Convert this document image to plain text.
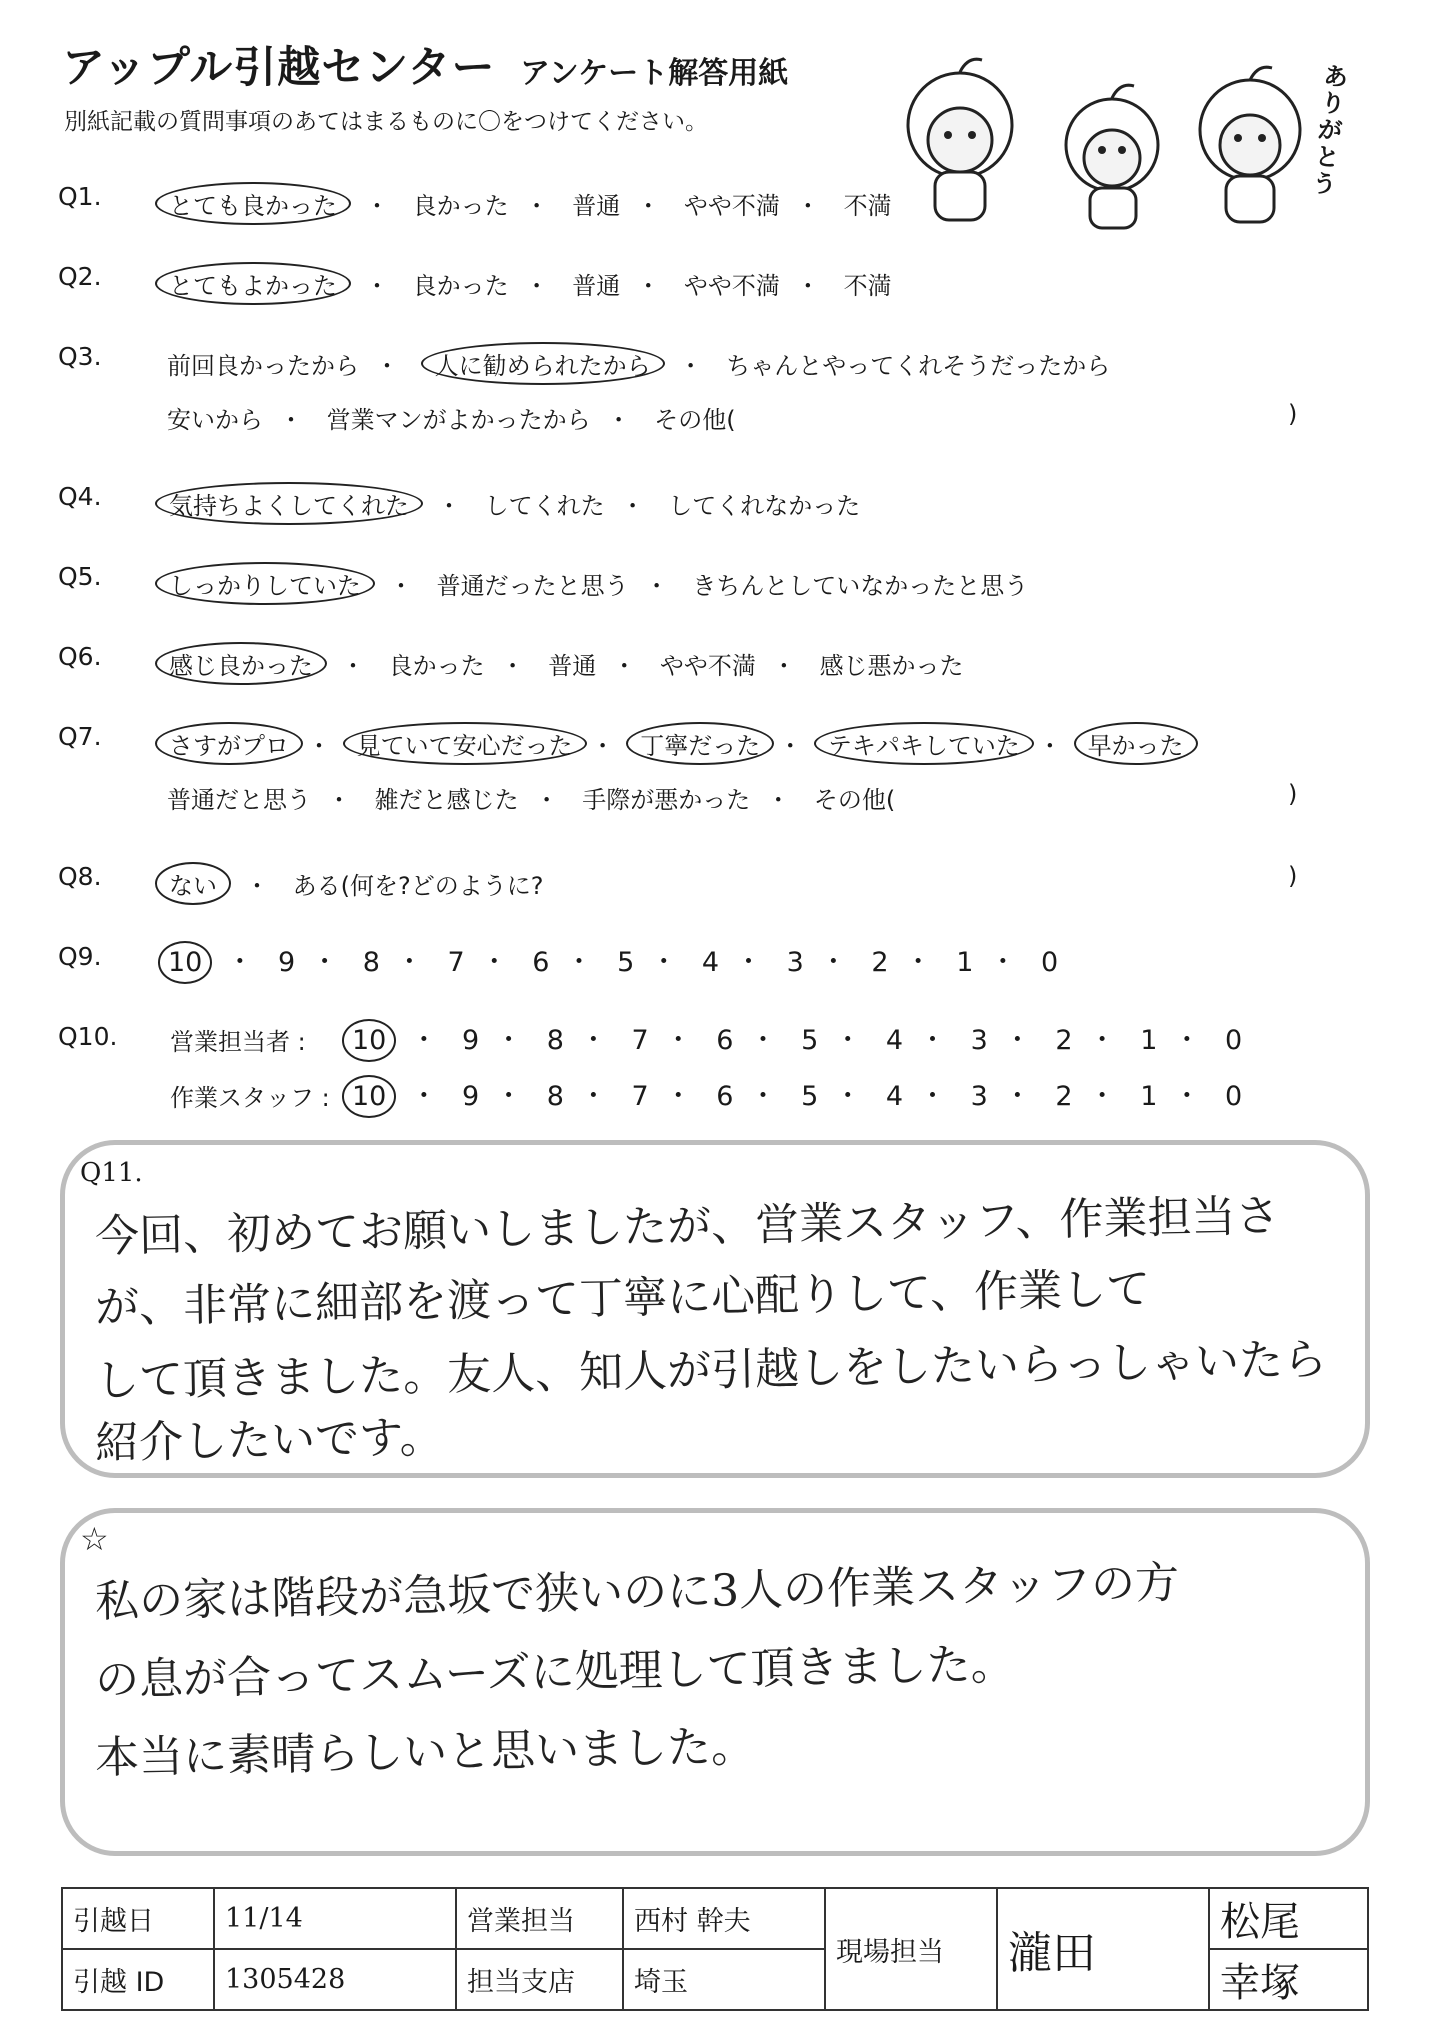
アップル引越センター アンケート解答用紙
別紙記載の質問事項のあてはまるものに〇をつけてください。
ありがとう
Q1.	とても良かった ・ 良かった ・ 普通 ・ やや不満 ・ 不満
Q2.	とてもよかった ・ 良かった ・ 普通 ・ やや不満 ・ 不満
Q3.	前回良かったから ・ 人に勧められたから ・ ちゃんとやってくれそうだったから
安いから ・ 営業マンがよかったから ・ その他(	)
Q4.	気持ちよくしてくれた ・ してくれた ・ してくれなかった
Q5.	しっかりしていた ・ 普通だったと思う ・ きちんとしていなかったと思う
Q6.	感じ良かった ・ 良かった ・ 普通 ・ やや不満 ・ 感じ悪かった
Q7.	さすがプロ ・ 見ていて安心だった ・ 丁寧だった ・ テキパキしていた ・ 早かった
普通だと思う ・ 雑だと感じた ・ 手際が悪かった ・ その他(	)
Q8.	ない ・ ある(何を?どのように?	)
Q9.	10 ・ 9 ・ 8 ・ 7 ・ 6 ・ 5 ・ 4 ・ 3 ・ 2 ・ 1 ・ 0
Q10. 営業担当者 :	10 ・ 9 ・ 8 ・ 7 ・ 6 ・ 5 ・ 4 ・ 3 ・ 2 ・ 1 ・ 0
作業スタッフ : 10 ・ 9 ・ 8 ・ 7 ・ 6 ・ 5 ・ 4 ・ 3 ・ 2 ・ 1 ・ 0
Q11.
今回、初めてお願いしましたが、営業スタッフ、作業担当さ
が、非常に細部を渡って丁寧に心配りして、作業して
して頂きました。友人、知人が引越しをしたいらっしゃいたら
紹介したいです。
☆
私の家は階段が急坂で狭いのに3人の作業スタッフの方
の息が合ってスムーズに処理して頂きました。
本当に素晴らしいと思いました。
引越日	11/14	営業担当	西村 幹夫	現場担当	瀧田	松尾
引越 ID	1305428	担当支店	埼玉			幸塚
